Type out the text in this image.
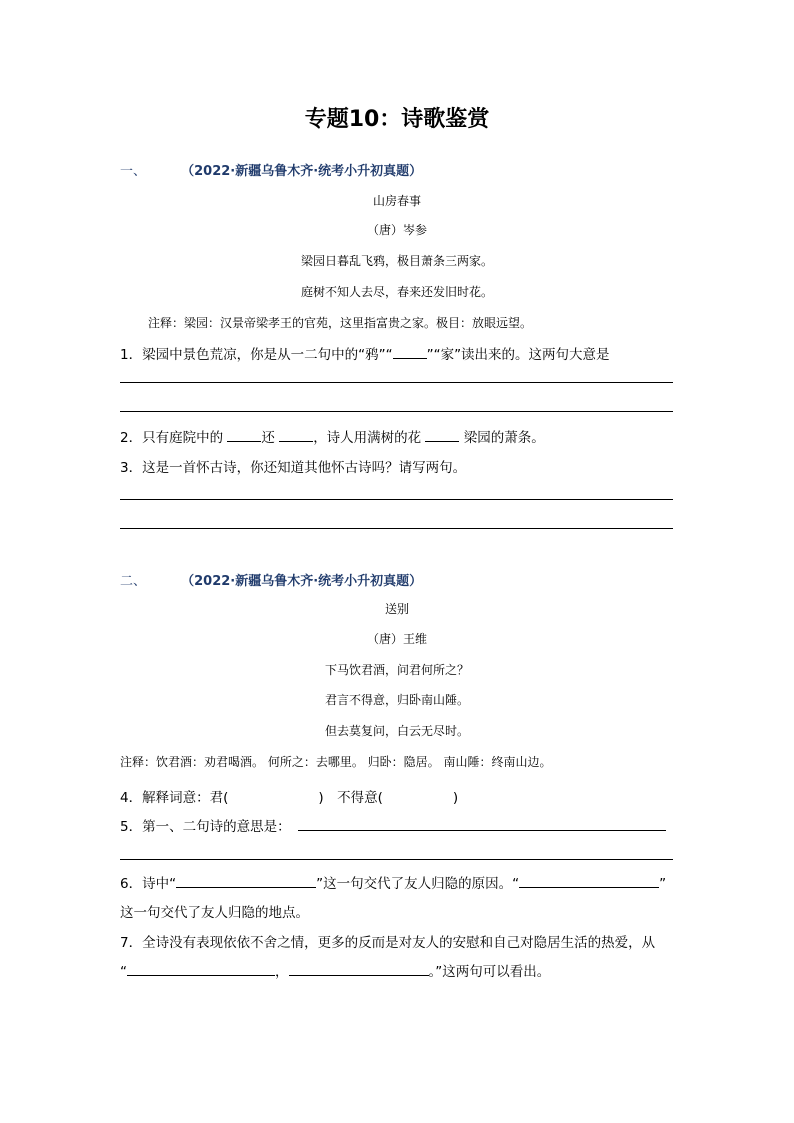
专题10：诗歌鉴赏
一、	（2022·新疆乌鲁木齐·统考小升初真题）
山房春事
（唐）岑参
梁园日暮乱飞鸦，极目萧条三两家。
庭树不知人去尽，春来还发旧时花。
注释：梁园：汉景帝梁孝王的官苑，这里指富贵之家。极目：放眼远望。
1．梁园中景色荒凉，你是从一二句中的“鸦”“	”“家”读出来的。这两句大意是
2．只有庭院中的	还	，诗人用满树的花	梁园的萧条。
3．这是一首怀古诗，你还知道其他怀古诗吗？请写两句。
二、	（2022·新疆乌鲁木齐·统考小升初真题）
送别
（唐）王维
下马饮君酒，问君何所之？
君言不得意，归卧南山陲。
但去莫复问，白云无尽时。
注释：饮君酒：劝君喝酒。 何所之：去哪里。 归卧：隐居。 南山陲：终南山边。
4．解释词意：君(	)　不得意(	)
5．第一、二句诗的意思是：
6．诗中“	”这一句交代了友人归隐的原因。“	”
这一句交代了友人归隐的地点。
7．全诗没有表现依依不舍之情，更多的反而是对友人的安慰和自己对隐居生活的热爱，从
“	，	。”这两句可以看出。
